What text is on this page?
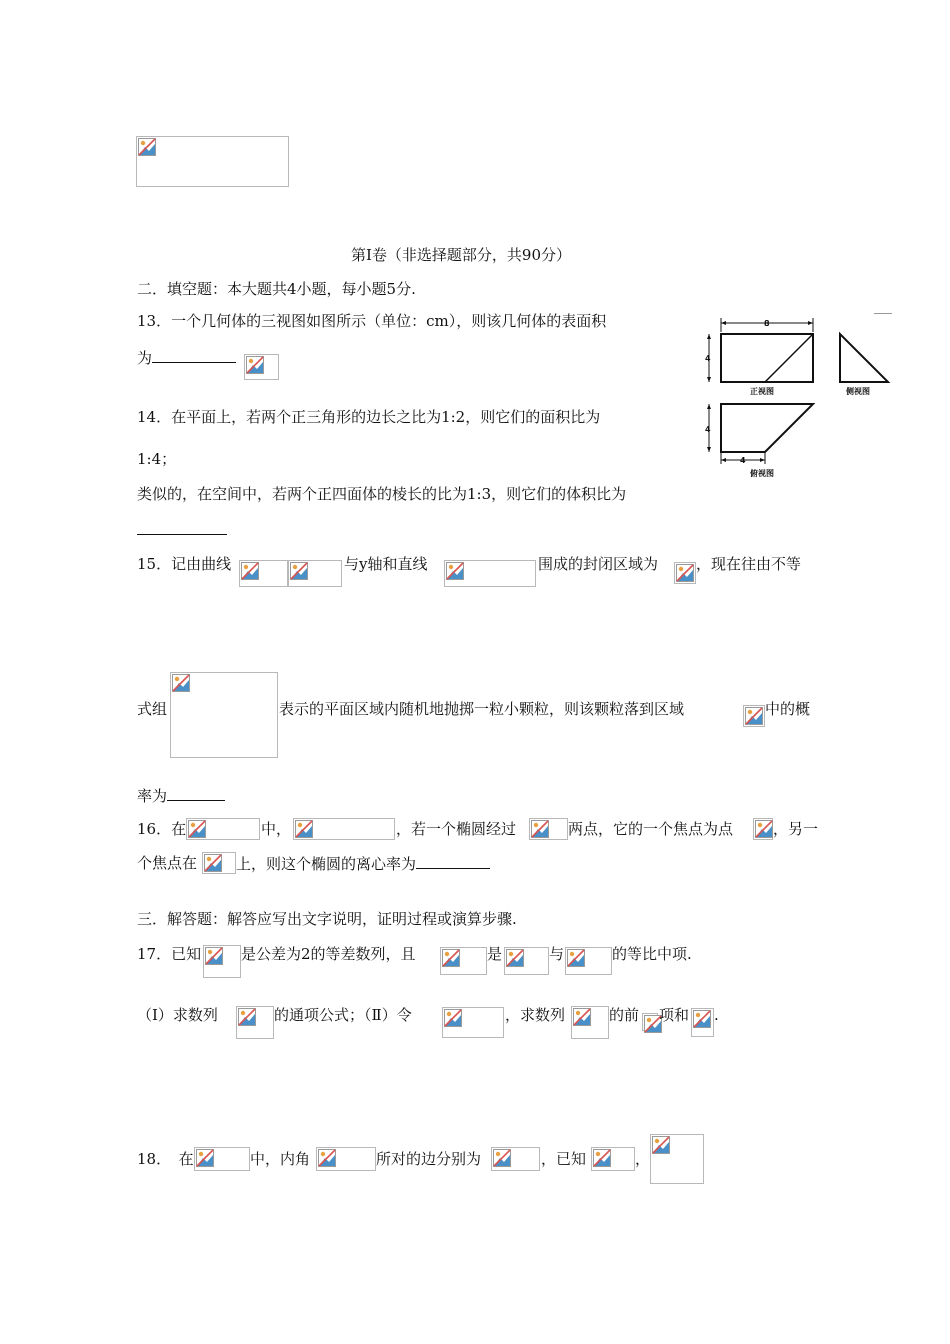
第Ⅰ卷（非选择题部分，共90分）
二．填空题：本大题共4小题，每小题5分.
13．一个几何体的三视图如图所示（单位：cm），则该几何体的表面积
为
8
4
正视图	侧视图
4
4
俯视图
14．在平面上，若两个正三角形的边长之比为1:2，则它们的面积比为
1:4；
类似的，在空间中，若两个正四面体的棱长的比为1:3，则它们的体积比为
15．记由曲线	与y轴和直线	围成的封闭区域为	，现在往由不等
式组	表示的平面区域内随机地抛掷一粒小颗粒，则该颗粒落到区域	中的概
率为
16．在	中，	，若一个椭圆经过	两点，它的一个焦点为点	，另一
个焦点在	上，则这个椭圆的离心率为
三．解答题：解答应写出文字说明，证明过程或演算步骤.
17．已知	是公差为2的等差数列，且	是	与	的等比中项.
（Ⅰ）求数列	的通项公式；（Ⅱ）令	，求数列	的前 项和 .
18．　在	中，内角	所对的边分别为	，已知	，
